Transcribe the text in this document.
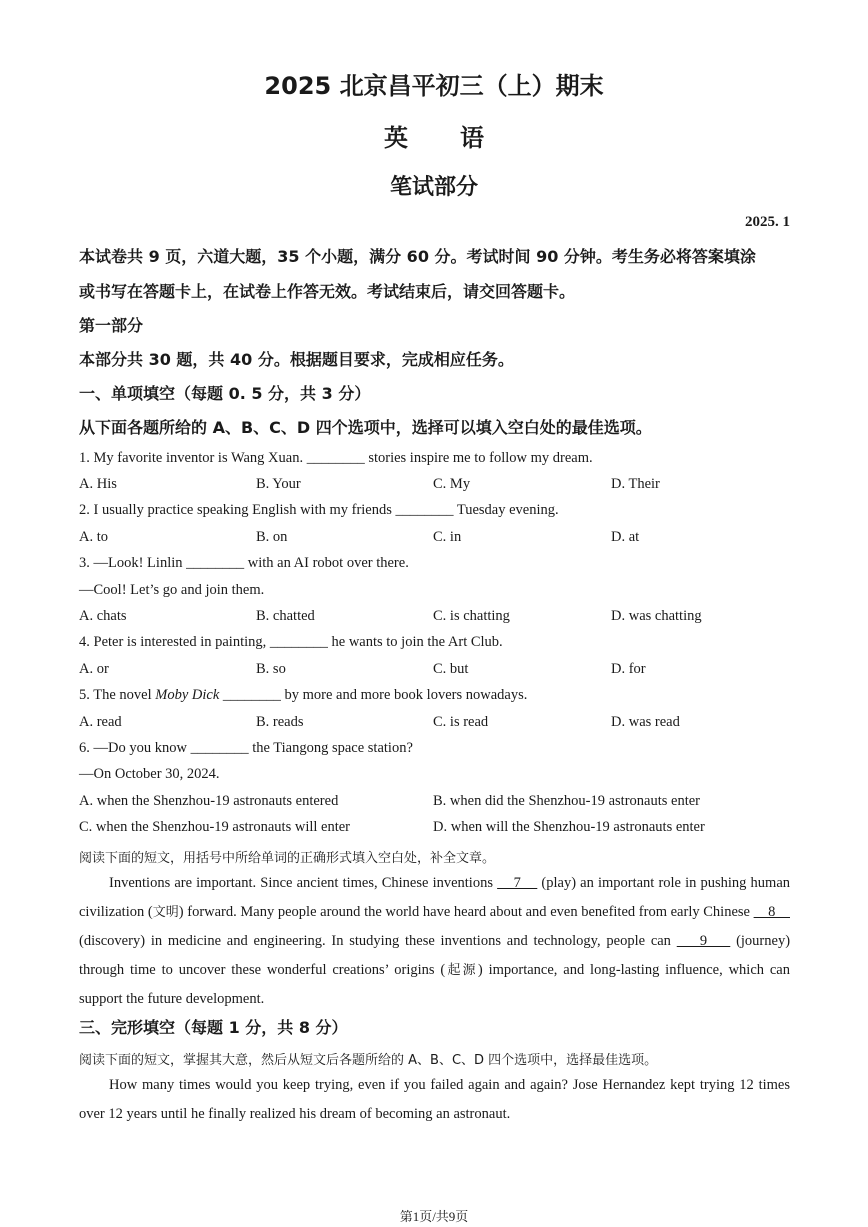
2025 北京昌平初三（上）期末
英语
笔试部分
2025. 1
本试卷共 9 页，六道大题，35 个小题，满分 60 分。考试时间 90 分钟。考生务必将答案填涂
或书写在答题卡上，在试卷上作答无效。考试结束后，请交回答题卡。
第一部分
本部分共 30 题，共 40 分。根据题目要求，完成相应任务。
一、单项填空（每题 0. 5 分，共 3 分）
从下面各题所给的 A、B、C、D 四个选项中，选择可以填入空白处的最佳选项。
1. My favorite inventor is Wang Xuan. ________ stories inspire me to follow my dream.
A. His	B. Your	C. My	D. Their
2. I usually practice speaking English with my friends ________ Tuesday evening.
A. to	B. on	C. in	D. at
3. —Look! Linlin ________ with an AI robot over there.
—Cool! Let’s go and join them.
A. chats	B. chatted	C. is chatting	D. was chatting
4. Peter is interested in painting, ________ he wants to join the Art Club.
A. or	B. so	C. but	D. for
5. The novel Moby Dick ________ by more and more book lovers nowadays.
A. read	B. reads	C. is read	D. was read
6. —Do you know ________ the Tiangong space station?
—On October 30, 2024.
A. when the Shenzhou-19 astronauts entered	B. when did the Shenzhou-19 astronauts enter
C. when the Shenzhou-19 astronauts will enter	D. when will the Shenzhou-19 astronauts enter
阅读下面的短文，用括号中所给单词的正确形式填入空白处，补全文章。
Inventions are important. Since ancient times, Chinese inventions     7     (play) an important role in pushing human civilization (文明) forward. Many people around the world have heard about and even benefited from early Chinese     8     (discovery) in medicine and engineering. In studying these inventions and technology, people can     9     (journey) through time to uncover these wonderful creations’ origins (起源) importance, and long-lasting influence, which can support the future development.
三、完形填空（每题 1 分，共 8 分）
阅读下面的短文，掌握其大意，然后从短文后各题所给的 A、B、C、D 四个选项中，选择最佳选项。
How many times would you keep trying, even if you failed again and again? Jose Hernandez kept trying 12 times over 12 years until he finally realized his dream of becoming an astronaut.
第1页/共9页
